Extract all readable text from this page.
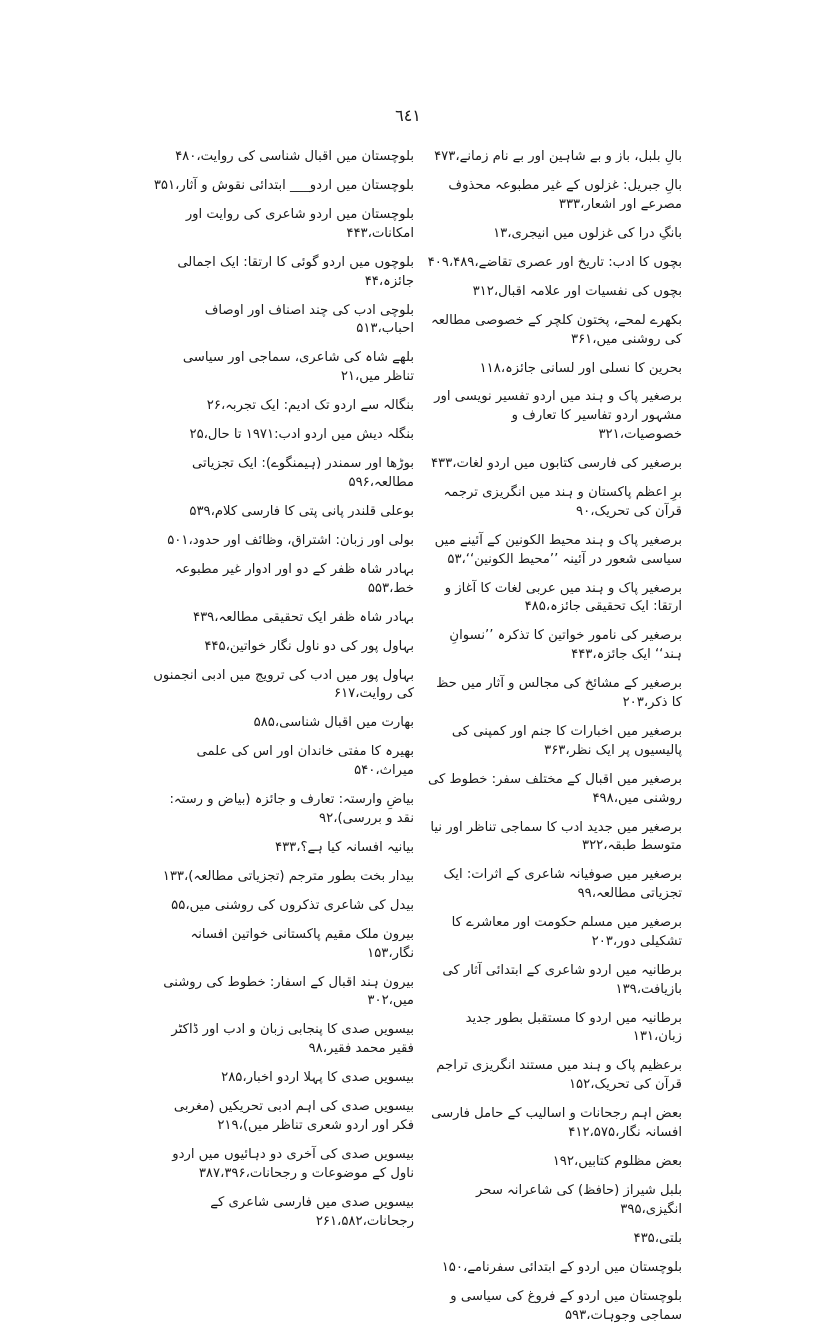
٦٤١

بالِ بلبل، باز و بے شاہین اور بے نام زمانے،۴۷۳

بالِ جبریل: غزلوں کے غیر مطبوعہ محذوف مصرعے اور اشعار،۳۳۳

بانگِ درا کی غزلوں میں انیجری،۱۳

بچوں کا ادب: تاریخ اور عصری تقاضے،۴۰۹،۴۸۹

بچوں کی نفسیات اور علامہ اقبال،۳۱۲

بکھرے لمحے، پختون کلچر کے خصوصی مطالعہ کی روشنی میں،۳۶۱

بحرین کا نسلی اور لسانی جائزہ،۱۱۸

برصغیر پاک و ہند میں اردو تفسیر نویسی اور مشہور اردو تفاسیر کا تعارف و خصوصیات،۳۲۱

برصغیر کی فارسی کتابوں میں اردو لغات،۴۳۳

برِ اعظم پاکستان و ہند میں انگریزی ترجمہ قرآن کی تحریک،۹۰

برصغیر پاک و ہند محیط الکونین کے آئینے میں سیاسی شعور در آئینہ ’’محیط الکونین‘‘،۵۳

برصغیر پاک و ہند میں عربی لغات کا آغاز و ارتقا: ایک تحقیقی جائزہ،۴۸۵

برصغیر کی نامور خواتین کا تذکرہ ’’نسوانِ ہند‘‘ ایک جائزہ،۴۴۳

برصغیر کے مشائخ کی مجالس و آثار میں حظ کا ذکر،۲۰۳

برصغیر میں اخبارات کا جنم اور کمپنی کی پالیسیوں پر ایک نظر،۳۶۳

برصغیر میں اقبال کے مختلف سفر: خطوط کی روشنی میں،۴۹۸

برصغیر میں جدید ادب کا سماجی تناظر اور نیا متوسط طبقہ،۳۲۲

برصغیر میں صوفیانہ شاعری کے اثرات: ایک تجزیاتی مطالعہ،۹۹

برصغیر میں مسلم حکومت اور معاشرے کا تشکیلی دور،۲۰۳

برطانیہ میں اردو شاعری کے ابتدائی آثار کی بازیافت،۱۳۹

برطانیہ میں اردو کا مستقبل بطور جدید زبان،۱۳۱

برعظیم پاک و ہند میں مستند انگریزی تراجم قرآن کی تحریک،۱۵۲

بعض اہم رجحانات و اسالیب کے حامل فارسی افسانہ نگار،۴۱۲،۵۷۵

بعض مظلوم کتابیں،۱۹۲

بلبل شیراز (حافظ) کی شاعرانہ سحر انگیزی،۳۹۵

بلتی،۴۳۵

بلوچستان میں اردو کے ابتدائی سفرنامے،۱۵۰

بلوچستان میں اردو کے فروغ کی سیاسی و سماجی وجوہات،۵۹۳

بلوچستان میں اقبال شناسی کی روایت،۴۸۰

بلوچستان میں اردو___ ابتدائی نقوش و آثار،۳۵۱

بلوچستان میں اردو شاعری کی روایت اور امکانات،۴۴۳

بلوچوں میں اردو گوئی کا ارتقا: ایک اجمالی جائزہ،۴۴

بلوچی ادب کی چند اصناف اور اوصاف احباب،۵۱۳

بلھے شاہ کی شاعری، سماجی اور سیاسی تناظر میں،۲۱

بنگالہ سے اردو تک ادیم: ایک تجربہ،۲۶

بنگلہ دیش میں اردو ادب:۱۹۷۱ تا حال،۲۵

بوڑھا اور سمندر (ہیمنگوے): ایک تجزیاتی مطالعہ،۵۹۶

بوعلی قلندر پانی پتی کا فارسی کلام،۵۳۹

بولی اور زبان: اشتراق، وظائف اور حدود،۵۰۱

بہادر شاہ ظفر کے دو اور ادوار غیر مطبوعہ خط،۵۵۳

بہادر شاہ ظفر ایک تحقیقی مطالعہ،۴۳۹

بہاول پور کی دو ناول نگار خواتین،۴۴۵

بہاول پور میں ادب کی ترویج میں ادبی انجمنوں کی روایت،۶۱۷

بھارت میں اقبال شناسی،۵۸۵

بھیرہ کا مفتی خاندان اور اس کی علمی میراث،۵۴۰

بیاضِ وارستہ: تعارف و جائزہ (بیاض و رستہ: نقد و بررسی)،۹۲

بیانیہ افسانہ کیا ہے؟،۴۳۳

بیدار بخت بطور مترجم (تجزیاتی مطالعہ)،۱۳۳

بیدل کی شاعری تذکروں کی روشنی میں،۵۵

بیرون ملک مقیم پاکستانی خواتین افسانہ نگار،۱۵۳

بیرون ہند اقبال کے اسفار: خطوط کی روشنی میں،۳۰۲

بیسویں صدی کا پنجابی زبان و ادب اور ڈاکٹر فقیر محمد فقیر،۹۸

بیسویں صدی کا پہلا اردو اخبار،۲۸۵

بیسویں صدی کی اہم ادبی تحریکیں (مغربی فکر اور اردو شعری تناظر میں)،۲۱۹

بیسویں صدی کی آخری دو دہائیوں میں اردو ناول کے موضوعات و رجحانات،۳۸۷،۳۹۶

بیسویں صدی میں فارسی شاعری کے رجحانات،۲۶۱،۵۸۲
